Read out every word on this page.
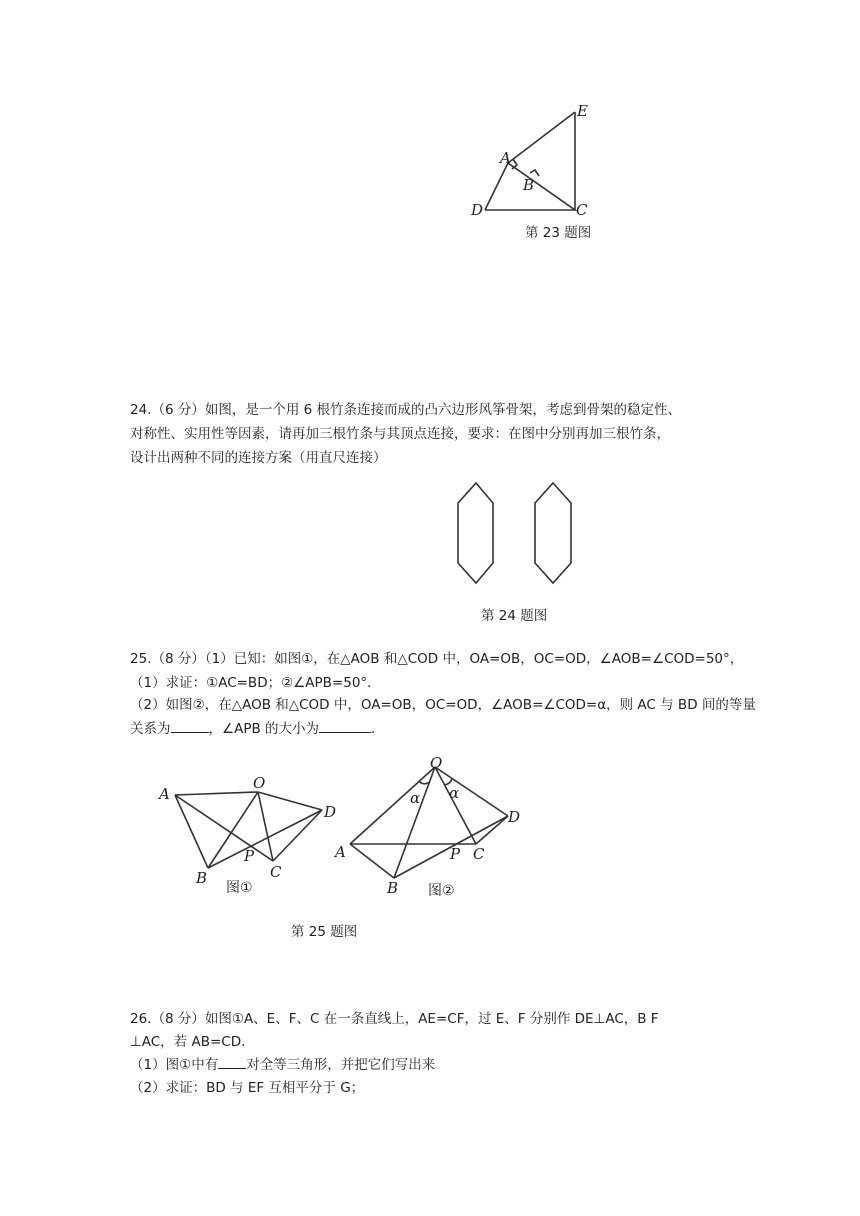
E
A
B
D	C
第 23 题图
24.（6 分）如图，是一个用 6 根竹条连接而成的凸六边形风筝骨架，考虑到骨架的稳定性、
对称性、实用性等因素，请再加三根竹条与其顶点连接，要求：在图中分别再加三根竹条，
设计出两种不同的连接方案（用直尺连接）
第 24 题图
25.（8 分）（1）已知：如图①，在△AOB 和△COD 中，OA=OB，OC=OD，∠AOB=∠COD=50°，
（1）求证：①AC=BD；②∠APB=50°．
（2）如图②，在△AOB 和△COD 中，OA=OB，OC=OD，∠AOB=∠COD=α，则 AC 与 BD 间的等量
关系为	，∠APB 的大小为	．
A
O
D
B
P
C
图①
O
α α
D
A	P C
B 图②
第 25 题图
26.（8 分）如图①A、E、F、C 在一条直线上，AE=CF，过 E、F 分别作 DE⊥AC，B F
⊥AC，若 AB=CD．
（1）图①中有 对全等三角形，并把它们写出来
（2）求证：BD 与 EF 互相平分于 G；
